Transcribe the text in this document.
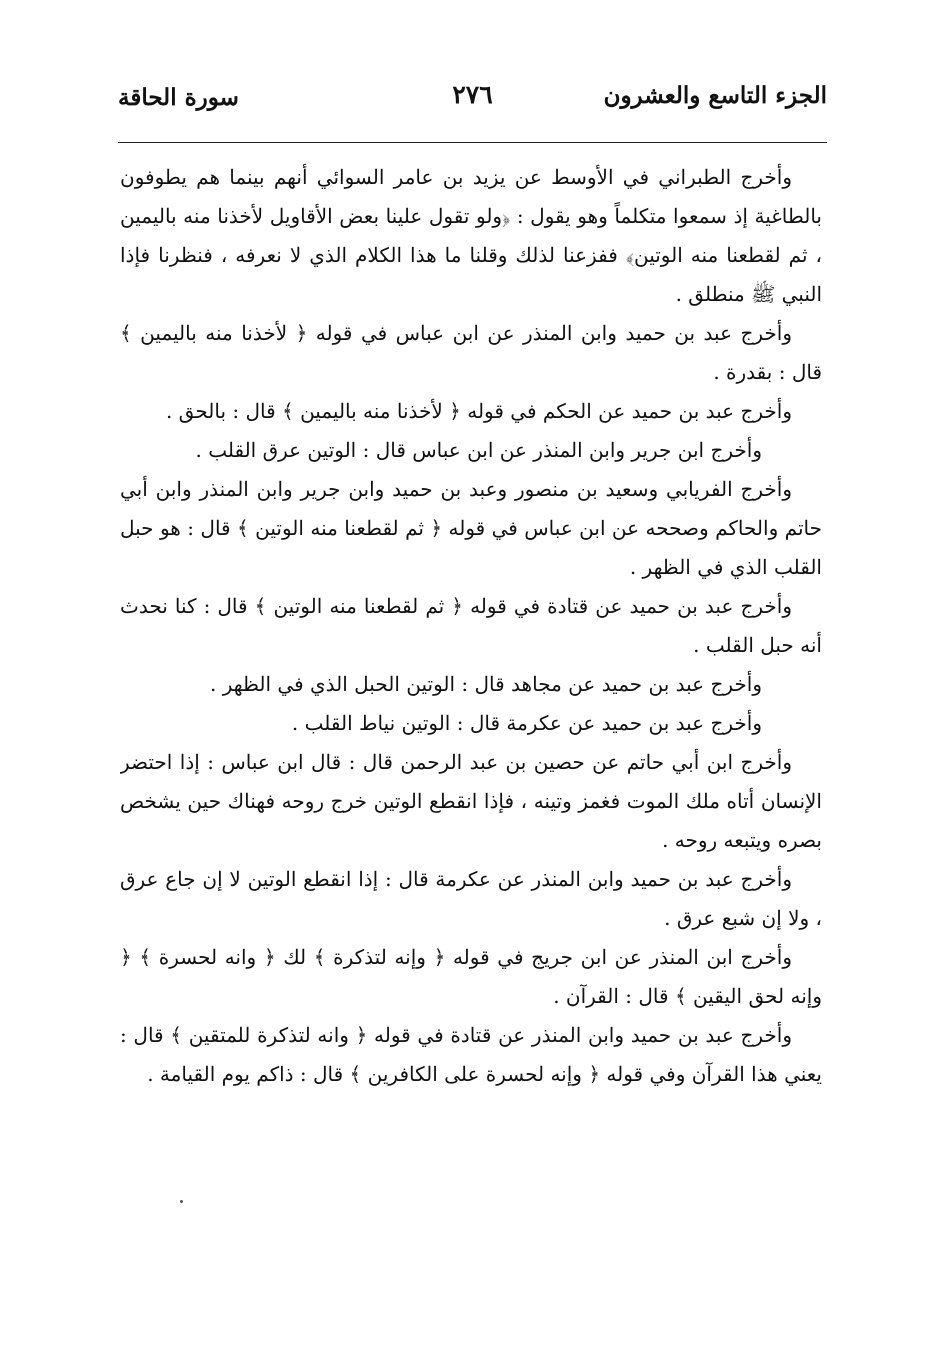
الجزء التاسع والعشرون
٢٧٦
سورة الحاقة

وأخرج الطبراني في الأوسط عن يزيد بن عامر السوائي أنهم بينما هم يطوفون بالطاغية إذ سمعوا متكلماً وهو يقول : ﴿ولو تقول علينا بعض الأقاويل لأخذنا منه باليمين ، ثم لقطعنا منه الوتين﴾ ففزعنا لذلك وقلنا ما هذا الكلام الذي لا نعرفه ، فنظرنا فإذا النبي ﷺ منطلق .

وأخرج عبد بن حميد وابن المنذر عن ابن عباس في قوله ﴿ لأخذنا منه باليمين ﴾ قال : بقدرة .

وأخرج عبد بن حميد عن الحكم في قوله ﴿ لأخذنا منه باليمين ﴾ قال : بالحق .

وأخرج ابن جرير وابن المنذر عن ابن عباس قال : الوتين عرق القلب .

وأخرج الفريابي وسعيد بن منصور وعبد بن حميد وابن جرير وابن المنذر وابن أبي حاتم والحاكم وصححه عن ابن عباس في قوله ﴿ ثم لقطعنا منه الوتين ﴾ قال : هو حبل القلب الذي في الظهر .

وأخرج عبد بن حميد عن قتادة في قوله ﴿ ثم لقطعنا منه الوتين ﴾ قال : كنا نحدث أنه حبل القلب .

وأخرج عبد بن حميد عن مجاهد قال : الوتين الحبل الذي في الظهر .

وأخرج عبد بن حميد عن عكرمة قال : الوتين نياط القلب .

وأخرج ابن أبي حاتم عن حصين بن عبد الرحمن قال : قال ابن عباس : إذا احتضر الإنسان أتاه ملك الموت فغمز وتينه ، فإذا انقطع الوتين خرج روحه فهناك حين يشخص بصره ويتبعه روحه .

وأخرج عبد بن حميد وابن المنذر عن عكرمة قال : إذا انقطع الوتين لا إن جاع عرق ، ولا إن شبع عرق .

وأخرج ابن المنذر عن ابن جريج في قوله ﴿ وإنه لتذكرة ﴾ لك ﴿ وانه لحسرة ﴾ ﴿ وإنه لحق اليقين ﴾ قال : القرآن .

وأخرج عبد بن حميد وابن المنذر عن قتادة في قوله ﴿ وانه لتذكرة للمتقين ﴾ قال : يعني هذا القرآن وفي قوله ﴿ وإنه لحسرة على الكافرين ﴾ قال : ذاكم يوم القيامة .
